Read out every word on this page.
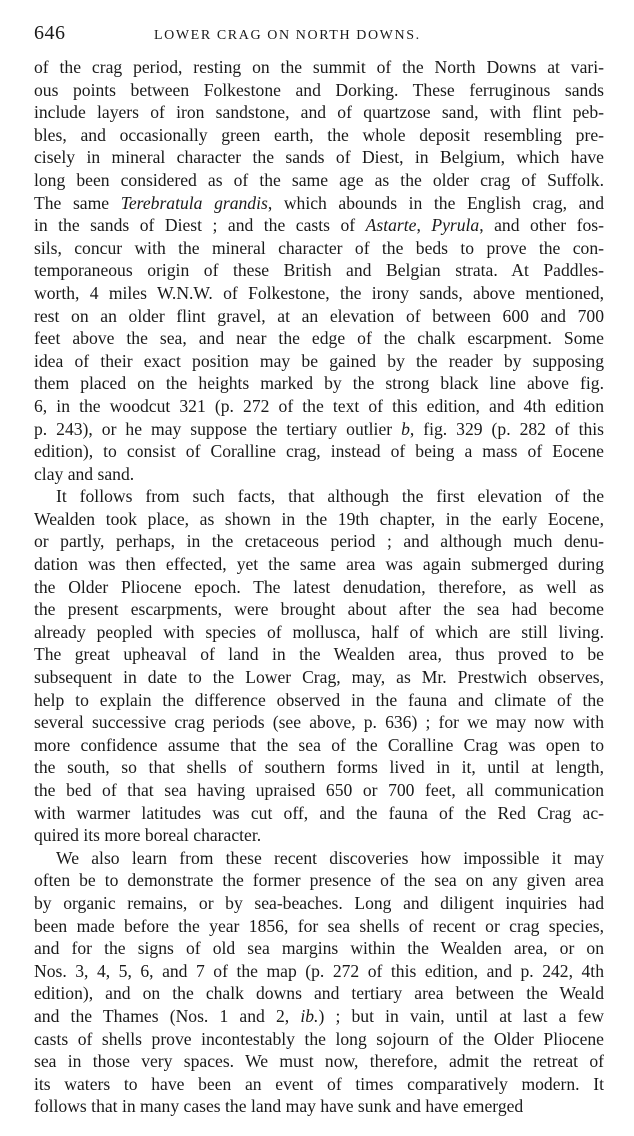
646	LOWER CRAG ON NORTH DOWNS.

of the crag period, resting on the summit of the North Downs at vari-
ous points between Folkestone and Dorking. These ferruginous sands
include layers of iron sandstone, and of quartzose sand, with flint peb-
bles, and occasionally green earth, the whole deposit resembling pre-
cisely in mineral character the sands of Diest, in Belgium, which have
long been considered as of the same age as the older crag of Suffolk.
The same Terebratula grandis, which abounds in the English crag, and
in the sands of Diest ; and the casts of Astarte, Pyrula, and other fos-
sils, concur with the mineral character of the beds to prove the con-
temporaneous origin of these British and Belgian strata. At Paddles-
worth, 4 miles W.N.W. of Folkestone, the irony sands, above mentioned,
rest on an older flint gravel, at an elevation of between 600 and 700
feet above the sea, and near the edge of the chalk escarpment. Some
idea of their exact position may be gained by the reader by supposing
them placed on the heights marked by the strong black line above fig.
6, in the woodcut 321 (p. 272 of the text of this edition, and 4th edition
p. 243), or he may suppose the tertiary outlier b, fig. 329 (p. 282 of this
edition), to consist of Coralline crag, instead of being a mass of Eocene
clay and sand.

It follows from such facts, that although the first elevation of the
Wealden took place, as shown in the 19th chapter, in the early Eocene,
or partly, perhaps, in the cretaceous period ; and although much denu-
dation was then effected, yet the same area was again submerged during
the Older Pliocene epoch. The latest denudation, therefore, as well as
the present escarpments, were brought about after the sea had become
already peopled with species of mollusca, half of which are still living.
The great upheaval of land in the Wealden area, thus proved to be
subsequent in date to the Lower Crag, may, as Mr. Prestwich observes,
help to explain the difference observed in the fauna and climate of the
several successive crag periods (see above, p. 636) ; for we may now with
more confidence assume that the sea of the Coralline Crag was open to
the south, so that shells of southern forms lived in it, until at length,
the bed of that sea having upraised 650 or 700 feet, all communication
with warmer latitudes was cut off, and the fauna of the Red Crag ac-
quired its more boreal character.

We also learn from these recent discoveries how impossible it may
often be to demonstrate the former presence of the sea on any given area
by organic remains, or by sea-beaches. Long and diligent inquiries had
been made before the year 1856, for sea shells of recent or crag species,
and for the signs of old sea margins within the Wealden area, or on
Nos. 3, 4, 5, 6, and 7 of the map (p. 272 of this edition, and p. 242, 4th
edition), and on the chalk downs and tertiary area between the Weald
and the Thames (Nos. 1 and 2, ib.) ; but in vain, until at last a few
casts of shells prove incontestably the long sojourn of the Older Pliocene
sea in those very spaces. We must now, therefore, admit the retreat of
its waters to have been an event of times comparatively modern. It
follows that in many cases the land may have sunk and have emerged
